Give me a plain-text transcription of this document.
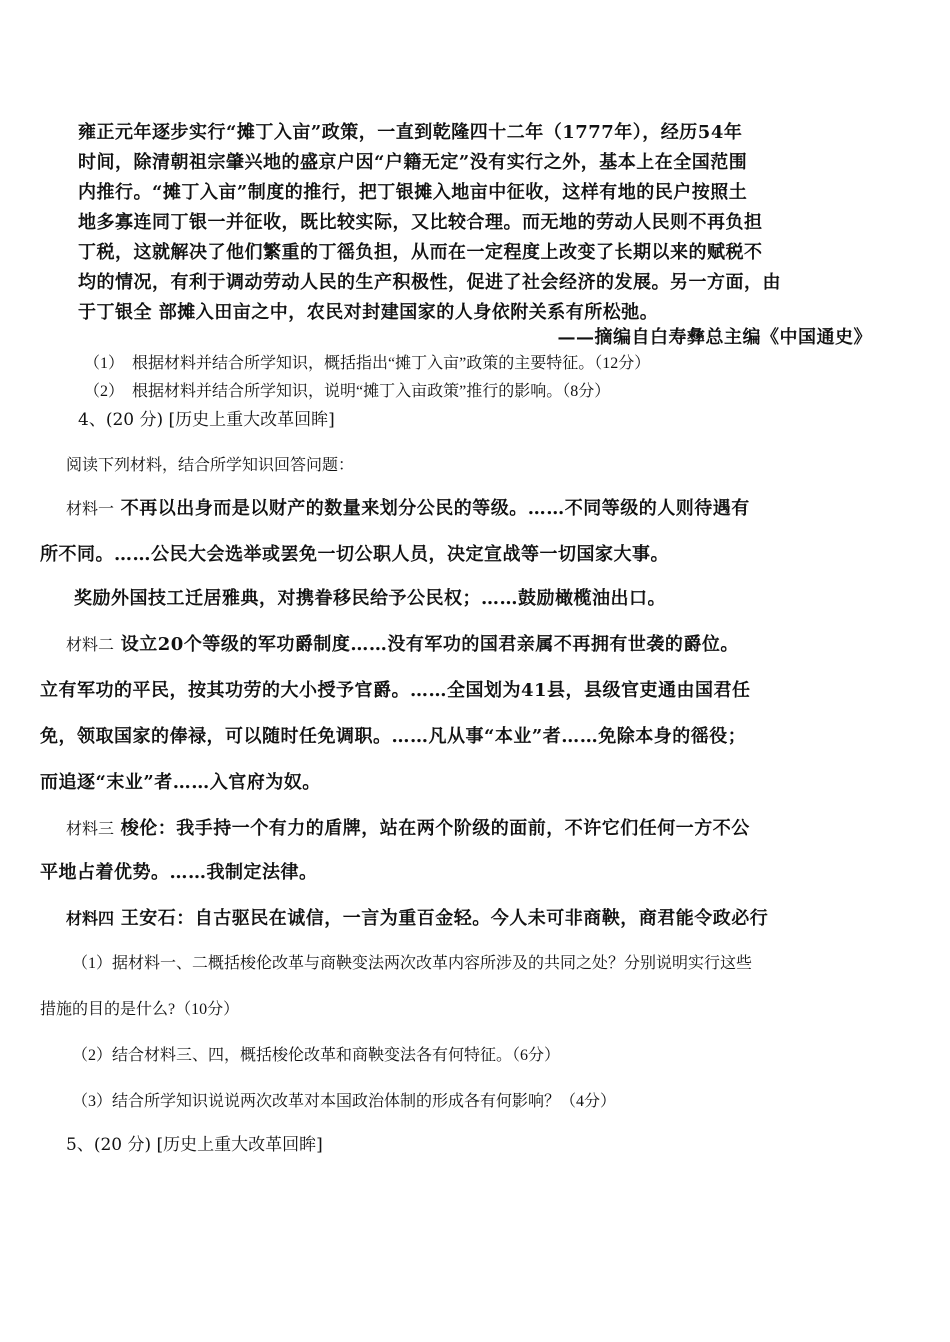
雍正元年逐步实行“摊丁入亩”政策，一直到乾隆四十二年（1777年），经历54年
时间，除清朝祖宗肇兴地的盛京户因“户籍无定”没有实行之外，基本上在全国范围
内推行。“摊丁入亩”制度的推行，把丁银摊入地亩中征收，这样有地的民户按照土
地多寡连同丁银一并征收，既比较实际，又比较合理。而无地的劳动人民则不再负担
丁税，这就解决了他们繁重的丁徭负担，从而在一定程度上改变了长期以来的赋税不
均的情况，有利于调动劳动人民的生产积极性，促进了社会经济的发展。另一方面，由
于丁银全 部摊入田亩之中，农民对封建国家的人身依附关系有所松弛。
——摘编自白寿彝总主编《中国通史》
（1）　根据材料并结合所学知识，概括指出“摊丁入亩”政策的主要特征。（12分）
（2）　根据材料并结合所学知识，说明“摊丁入亩政策”推行的影响。（8分）
4、(20 分) [历史上重大改革回眸]
阅读下列材料，结合所学知识回答问题：
材料一 不再以出身而是以财产的数量来划分公民的等级。……不同等级的人则待遇有
所不同。……公民大会选举或罢免一切公职人员，决定宣战等一切国家大事。
奖励外国技工迁居雅典，对携眷移民给予公民权；……鼓励橄榄油出口。
材料二 设立20个等级的军功爵制度……没有军功的国君亲属不再拥有世袭的爵位。
立有军功的平民，按其功劳的大小授予官爵。……全国划为41县，县级官吏通由国君任
免，领取国家的俸禄，可以随时任免调职。……凡从事“本业”者……免除本身的徭役；
而追逐“末业”者……入官府为奴。
材料三 梭伦：我手持一个有力的盾牌，站在两个阶级的面前，不许它们任何一方不公
平地占着优势。……我制定法律。
材料四 王安石：自古驱民在诚信，一言为重百金轻。今人未可非商鞅，商君能令政必行
（1）据材料一、二概括梭伦改革与商鞅变法两次改革内容所涉及的共同之处？分别说明实行这些
措施的目的是什么?（10分）
（2）结合材料三、四，概括梭伦改革和商鞅变法各有何特征。（6分）
（3）结合所学知识说说两次改革对本国政治体制的形成各有何影响？（4分）
5、(20 分) [历史上重大改革回眸]
